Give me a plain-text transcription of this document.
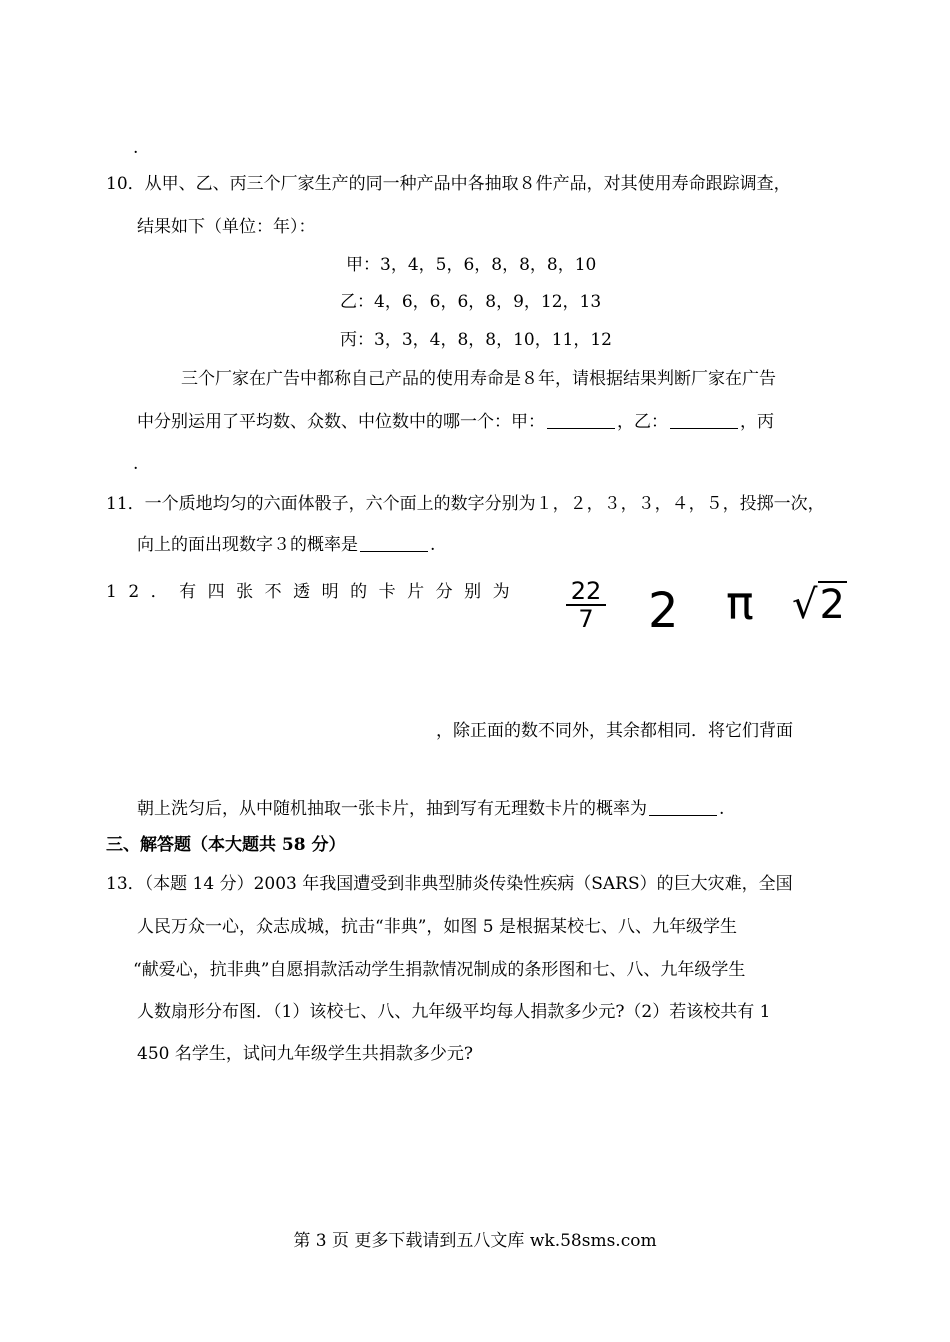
.
10．从甲、乙、丙三个厂家生产的同一种产品中各抽取８件产品，对其使用寿命跟踪调查，
结果如下（单位：年）：
甲：3，4，5，6，8，8，8，10
乙：4，6，6，6，8，9，12，13
丙：3，3，4，8，8，10，11，12
三个厂家在广告中都称自己产品的使用寿命是８年，请根据结果判断厂家在广告
中分别运用了平均数、众数、中位数中的哪一个：甲：	，乙：	，丙
.
11．一个质地均匀的六面体骰子，六个面上的数字分别为１，２，３，３，４，５，投掷一次，
向上的面出现数字３的概率是	.
12．有四张不透明的卡片分别为 $\frac{22}{7} 2$ π √2
，除正面的数不同外，其余都相同．将它们背面
朝上洗匀后，从中随机抽取一张卡片，抽到写有无理数卡片的概率为	.
三、解答题（本大题共 58 分）
13．（本题 14 分）2003 年我国遭受到非典型肺炎传染性疾病（SARS）的巨大灾难，全国
人民万众一心，众志成城，抗击“非典”，如图 5 是根据某校七、八、九年级学生
“献爱心，抗非典”自愿捐款活动学生捐款情况制成的条形图和七、八、九年级学生
人数扇形分布图．（1）该校七、八、九年级平均每人捐款多少元?（2）若该校共有 1
450 名学生，试问九年级学生共捐款多少元?
第 3 页 更多下载请到五八文库 wk.58sms.com
